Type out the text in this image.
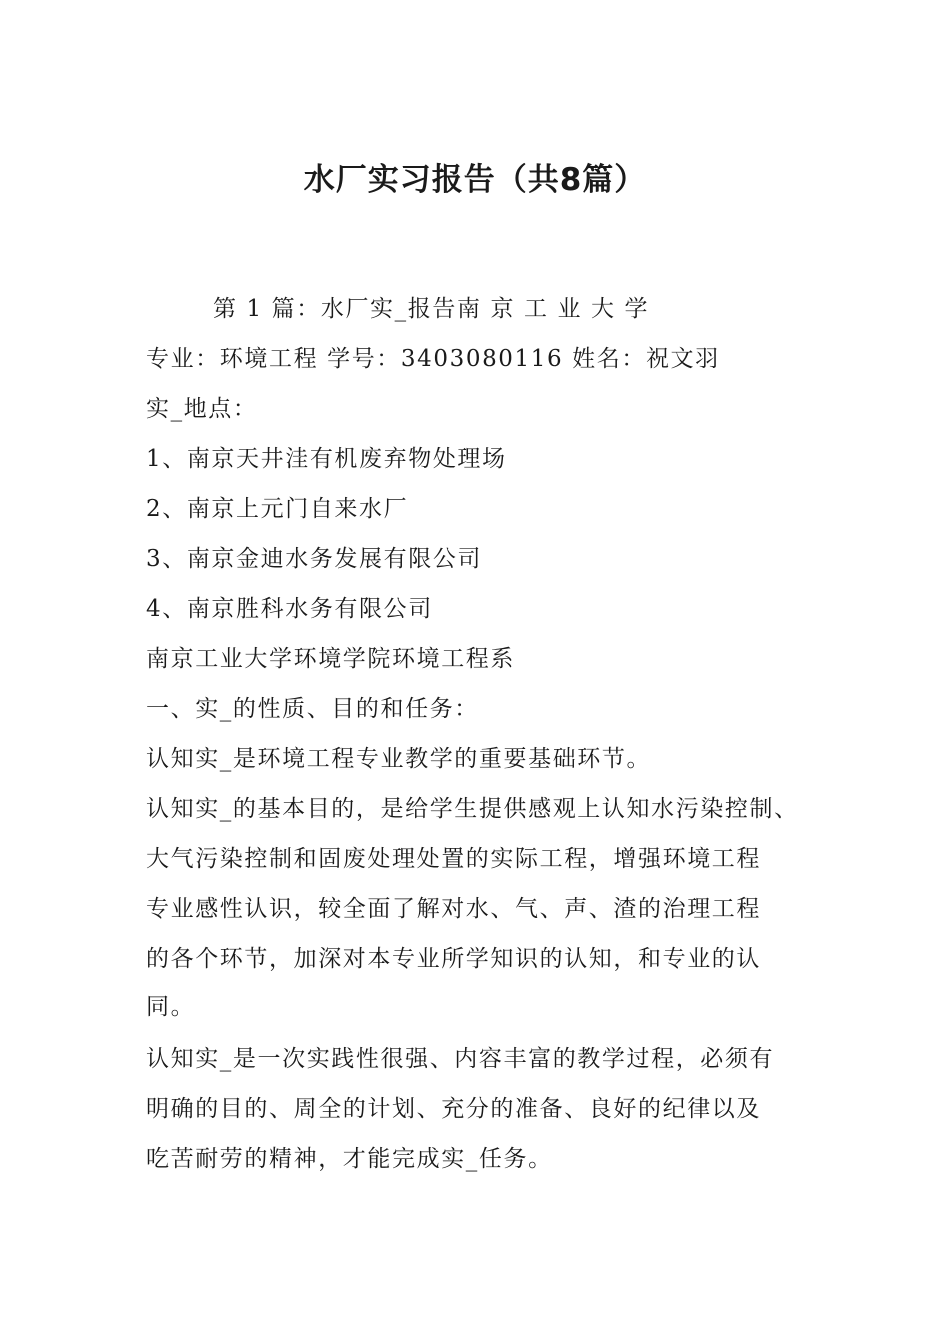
水厂实习报告（共8篇）

第 1 篇：水厂实_报告南 京 工 业 大 学

专业：环境工程 学号：3403080116 姓名：祝文羽

实_地点：

1、南京天井洼有机废弃物处理场

2、南京上元门自来水厂

3、南京金迪水务发展有限公司

4、南京胜科水务有限公司

南京工业大学环境学院环境工程系

一、实_的性质、目的和任务：

认知实_是环境工程专业教学的重要基础环节。

认知实_的基本目的，是给学生提供感观上认知水污染控制、

大气污染控制和固废处理处置的实际工程，增强环境工程

专业感性认识，较全面了解对水、气、声、渣的治理工程

的各个环节，加深对本专业所学知识的认知，和专业的认

同。

认知实_是一次实践性很强、内容丰富的教学过程，必须有

明确的目的、周全的计划、充分的准备、良好的纪律以及

吃苦耐劳的精神，才能完成实_任务。
